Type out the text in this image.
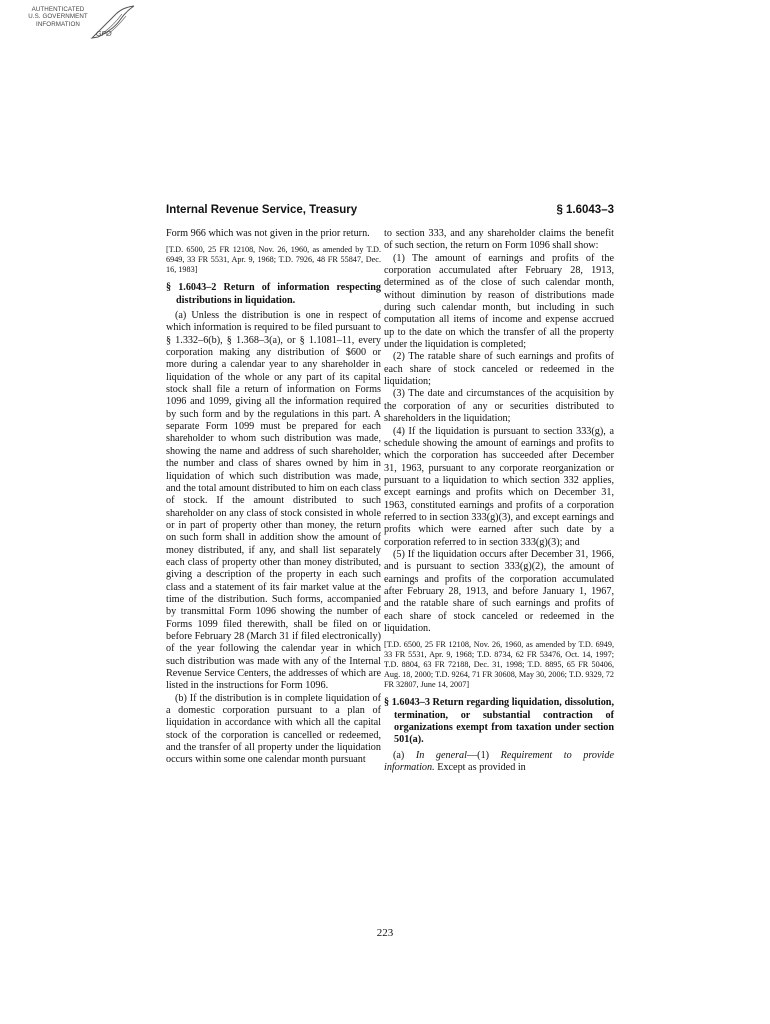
AUTHENTICATED
U.S. GOVERNMENT
INFORMATION
GPO
Internal Revenue Service, Treasury	§ 1.6043–3

Form 966 which was not given in the prior return.

[T.D. 6500, 25 FR 12108, Nov. 26, 1960, as amended by T.D. 6949, 33 FR 5531, Apr. 9, 1968; T.D. 7926, 48 FR 55847, Dec. 16, 1983]

§ 1.6043–2 Return of information respecting distributions in liquidation.

(a) Unless the distribution is one in respect of which information is required to be filed pursuant to § 1.332–6(b), § 1.368–3(a), or § 1.1081–11, every corporation making any distribution of $600 or more during a calendar year to any shareholder in liquidation of the whole or any part of its capital stock shall file a return of information on Forms 1096 and 1099, giving all the information required by such form and by the regulations in this part. A separate Form 1099 must be prepared for each shareholder to whom such distribution was made, showing the name and address of such shareholder, the number and class of shares owned by him in liquidation of which such distribution was made, and the total amount distributed to him on each class of stock. If the amount distributed to such shareholder on any class of stock consisted in whole or in part of property other than money, the return on such form shall in addition show the amount of money distributed, if any, and shall list separately each class of property other than money distributed, giving a description of the property in each such class and a statement of its fair market value at the time of the distribution. Such forms, accompanied by transmittal Form 1096 showing the number of Forms 1099 filed therewith, shall be filed on or before February 28 (March 31 if filed electronically) of the year following the calendar year in which such distribution was made with any of the Internal Revenue Service Centers, the addresses of which are listed in the instructions for Form 1096.

(b) If the distribution is in complete liquidation of a domestic corporation pursuant to a plan of liquidation in accordance with which all the capital stock of the corporation is cancelled or redeemed, and the transfer of all property under the liquidation occurs within some one calendar month pursuant

to section 333, and any shareholder claims the benefit of such section, the return on Form 1096 shall show:

(1) The amount of earnings and profits of the corporation accumulated after February 28, 1913, determined as of the close of such calendar month, without diminution by reason of distributions made during such calendar month, but including in such computation all items of income and expense accrued up to the date on which the transfer of all the property under the liquidation is completed;

(2) The ratable share of such earnings and profits of each share of stock canceled or redeemed in the liquidation;

(3) The date and circumstances of the acquisition by the corporation of any or securities distributed to shareholders in the liquidation;

(4) If the liquidation is pursuant to section 333(g), a schedule showing the amount of earnings and profits to which the corporation has succeeded after December 31, 1963, pursuant to any corporate reorganization or pursuant to a liquidation to which section 332 applies, except earnings and profits which on December 31, 1963, constituted earnings and profits of a corporation referred to in section 333(g)(3), and except earnings and profits which were earned after such date by a corporation referred to in section 333(g)(3); and

(5) If the liquidation occurs after December 31, 1966, and is pursuant to section 333(g)(2), the amount of earnings and profits of the corporation accumulated after February 28, 1913, and before January 1, 1967, and the ratable share of such earnings and profits of each share of stock canceled or redeemed in the liquidation.

[T.D. 6500, 25 FR 12108, Nov. 26, 1960, as amended by T.D. 6949, 33 FR 5531, Apr. 9, 1968; T.D. 8734, 62 FR 53476, Oct. 14, 1997; T.D. 8804, 63 FR 72188, Dec. 31, 1998; T.D. 8895, 65 FR 50406, Aug. 18, 2000; T.D. 9264, 71 FR 30608, May 30, 2006; T.D. 9329, 72 FR 32807, June 14, 2007]

§ 1.6043–3 Return regarding liquidation, dissolution, termination, or substantial contraction of organizations exempt from taxation under section 501(a).

(a) In general—(1) Requirement to provide information. Except as provided in

223
